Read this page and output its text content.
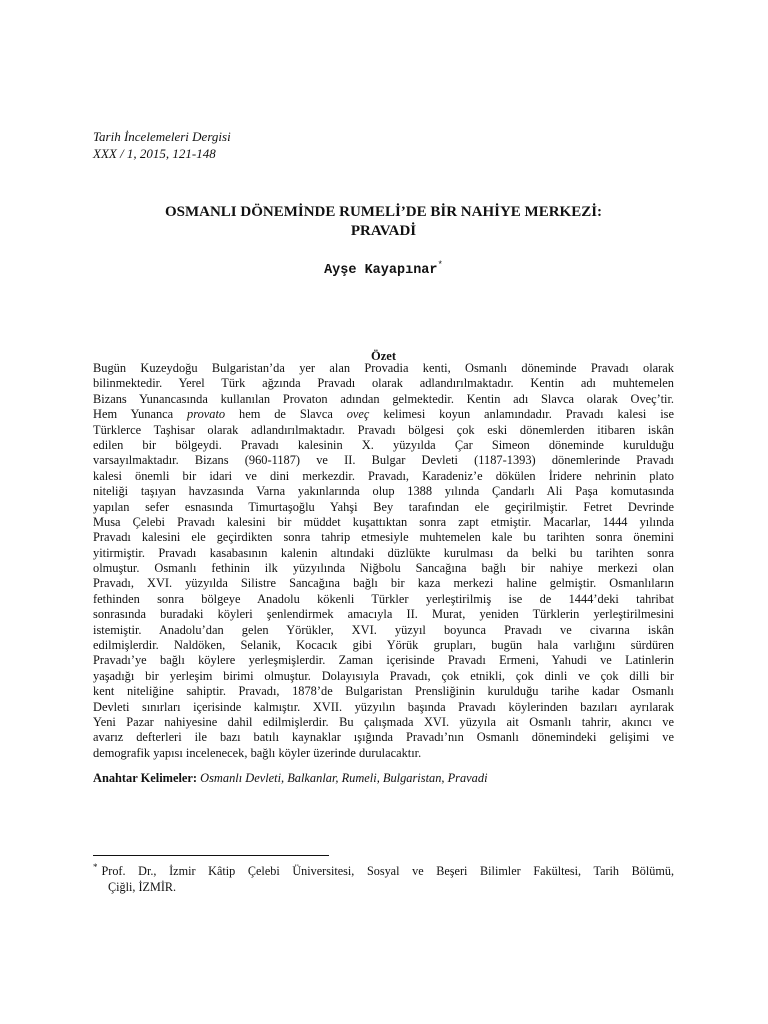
Tarih İncelemeleri Dergisi
XXX / 1, 2015, 121-148
OSMANLI DÖNEMİNDE RUMELİ’DE BİR NAHİYE MERKEZİ:
PRAVADİ
Ayşe Kayapınar*
Özet
Bugün Kuzeydoğu Bulgaristan’da yer alan Provadia kenti, Osmanlı döneminde Pravadı olarak
bilinmektedir. Yerel Türk ağzında Pravadı olarak adlandırılmaktadır. Kentin adı muhtemelen
Bizans Yunancasında kullanılan Provaton adından gelmektedir. Kentin adı Slavca olarak Oveç’tir.
Hem Yunanca provato hem de Slavca oveç kelimesi koyun anlamındadır. Pravadı kalesi ise
Türklerce Taşhisar olarak adlandırılmaktadır. Pravadı bölgesi çok eski dönemlerden itibaren iskân
edilen bir bölgeydi. Pravadı kalesinin X. yüzyılda Çar Simeon döneminde kurulduğu
varsayılmaktadır. Bizans (960-1187) ve II. Bulgar Devleti (1187-1393) dönemlerinde Pravadı
kalesi önemli bir idari ve dini merkezdir. Pravadı, Karadeniz’e dökülen İridere nehrinin plato
niteliği taşıyan havzasında Varna yakınlarında olup 1388 yılında Çandarlı Ali Paşa komutasında
yapılan sefer esnasında Timurtaşoğlu Yahşi Bey tarafından ele geçirilmiştir. Fetret Devrinde
Musa Çelebi Pravadı kalesini bir müddet kuşattıktan sonra zapt etmiştir. Macarlar, 1444 yılında
Pravadı kalesini ele geçirdikten sonra tahrip etmesiyle muhtemelen kale bu tarihten sonra önemini
yitirmiştir. Pravadı kasabasının kalenin altındaki düzlükte kurulması da belki bu tarihten sonra
olmuştur. Osmanlı fethinin ilk yüzyılında Niğbolu Sancağına bağlı bir nahiye merkezi olan
Pravadı, XVI. yüzyılda Silistre Sancağına bağlı bir kaza merkezi haline gelmiştir. Osmanlıların
fethinden sonra bölgeye Anadolu kökenli Türkler yerleştirilmiş ise de 1444’deki tahribat
sonrasında buradaki köyleri şenlendirmek amacıyla II. Murat, yeniden Türklerin yerleştirilmesini
istemiştir. Anadolu’dan gelen Yörükler, XVI. yüzyıl boyunca Pravadı ve civarına iskân
edilmişlerdir. Naldöken, Selanik, Kocacık gibi Yörük grupları, bugün hala varlığını sürdüren
Pravadı’ye bağlı köylere yerleşmişlerdir. Zaman içerisinde Pravadı Ermeni, Yahudi ve Latinlerin
yaşadığı bir yerleşim birimi olmuştur. Dolayısıyla Pravadı, çok etnikli, çok dinli ve çok dilli bir
kent niteliğine sahiptir. Pravadı, 1878’de Bulgaristan Prensliğinin kurulduğu tarihe kadar Osmanlı
Devleti sınırları içerisinde kalmıştır. XVII. yüzyılın başında Pravadı köylerinden bazıları ayrılarak
Yeni Pazar nahiyesine dahil edilmişlerdir. Bu çalışmada XVI. yüzyıla ait Osmanlı tahrir, akıncı ve
avarız defterleri ile bazı batılı kaynaklar ışığında Pravadı’nın Osmanlı dönemindeki gelişimi ve
demografik yapısı incelenecek, bağlı köyler üzerinde durulacaktır.
Anahtar Kelimeler: Osmanlı Devleti, Balkanlar, Rumeli, Bulgaristan, Pravadi
* Prof. Dr., İzmir Kâtip Çelebi Üniversitesi, Sosyal ve Beşeri Bilimler Fakültesi, Tarih Bölümü,
Çiğli, İZMİR.
